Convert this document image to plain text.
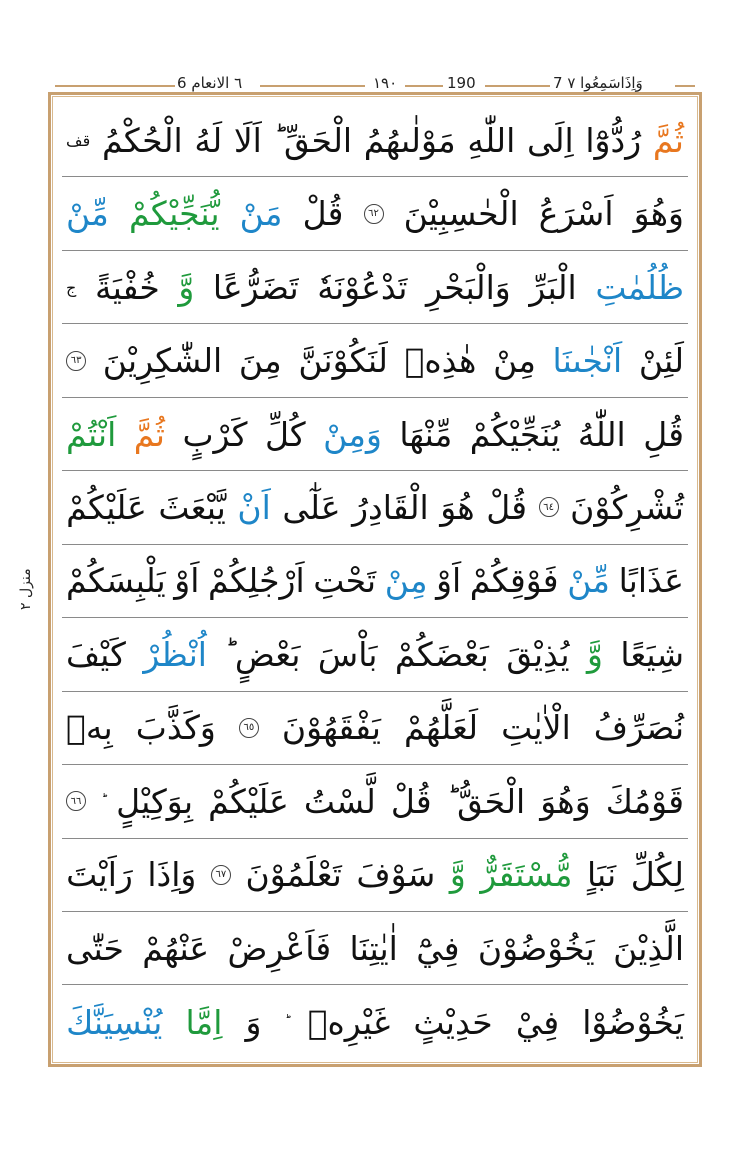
٦ الانعام 6	١٩٠	190	7 وَاِذَاسَمِعُوا ٧
منزل ٢
ثُمَّ
رُدُّوْٓا
اِلَى
اللّٰهِ
مَوْلٰىهُمُ
الْحَقِّ ؕ
اَلَا
لَهُ
الْحُكْمُ
قف
وَهُوَ
اَسْرَعُ
الْحٰسِبِيْنَ
٦٢
قُلْ
مَنْ
يُّنَجِّيْكُمْ
مِّنْ
ظُلُمٰتِ
الْبَرِّ
وَالْبَحْرِ
تَدْعُوْنَهٗ
تَضَرُّعًا
وَّ
خُفْيَةً
ج
لَئِنْ
اَنْجٰىنَا
مِنْ
هٰذِهٖ
لَنَكُوْنَنَّ
مِنَ
الشّٰكِرِيْنَ
٦٣
قُلِ
اللّٰهُ
يُنَجِّيْكُمْ
مِّنْهَا
وَمِنْ
كُلِّ
كَرْبٍ
ثُمَّ
اَنْتُمْ
تُشْرِكُوْنَ
٦٤
قُلْ
هُوَ
الْقَادِرُ
عَلٰٓى
اَنْ
يَّبْعَثَ
عَلَيْكُمْ
عَذَابًا
مِّنْ
فَوْقِكُمْ
اَوْ
مِنْ
تَحْتِ
اَرْجُلِكُمْ
اَوْ
يَلْبِسَكُمْ
شِيَعًا
وَّ
يُذِيْقَ
بَعْضَكُمْ
بَاْسَ
بَعْضٍ ؕ
اُنْظُرْ
كَيْفَ
نُصَرِّفُ
الْاٰيٰتِ
لَعَلَّهُمْ
يَفْقَهُوْنَ
٦٥
وَكَذَّبَ
بِهٖ
قَوْمُكَ
وَهُوَ
الْحَقُّ ؕ
قُلْ
لَّسْتُ
عَلَيْكُمْ
بِوَكِيْلٍ
٦٦
لِكُلِّ
نَبَاٍ
مُّسْتَقَرٌّ
وَّ
سَوْفَ
تَعْلَمُوْنَ
٦٧
وَاِذَا
رَاَيْتَ
الَّذِيْنَ
يَخُوْضُوْنَ
فِيْٓ
اٰيٰتِنَا
فَاَعْرِضْ
عَنْهُمْ
حَتّٰى
يَخُوْضُوْا
فِيْ
حَدِيْثٍ
غَيْرِهٖ
وَ
اِمَّا
يُنْسِيَنَّكَ
